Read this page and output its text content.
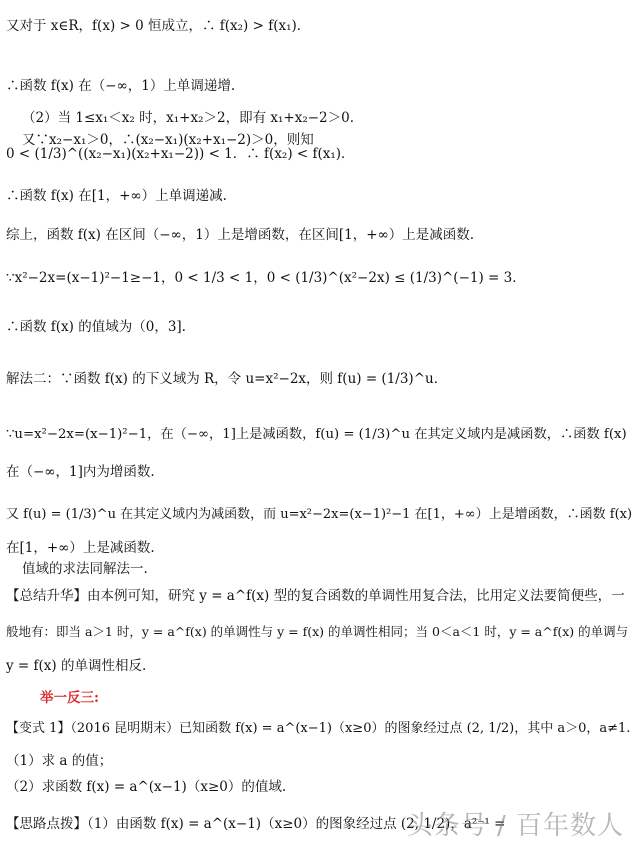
又对于 x∈R，f(x) > 0 恒成立，∴ f(x₂) > f(x₁)．
∴函数 f(x) 在（−∞，1）上单调递增.
（2）当 1≤x₁＜x₂ 时，x₁+x₂＞2，即有 x₁+x₂−2＞0.
又∵x₂−x₁＞0，∴(x₂−x₁)(x₂+x₁−2)＞0，则知
0 < (1/3)^((x₂−x₁)(x₂+x₁−2)) < 1．∴ f(x₂) < f(x₁)．
∴函数 f(x) 在[1，+∞）上单调递减.
综上，函数 f(x) 在区间（−∞，1）上是增函数，在区间[1，+∞）上是减函数.
∵x²−2x=(x−1)²−1≥−1，0 < 1/3 < 1，0 < (1/3)^(x²−2x) ≤ (1/3)^(−1) = 3．
∴函数 f(x) 的值域为（0，3].
解法二：∵函数 f(x) 的下义域为 R，令 u=x²−2x，则 f(u) = (1/3)^u．
∵u=x²−2x=(x−1)²−1，在（−∞，1]上是减函数，f(u) = (1/3)^u 在其定义域内是减函数，∴函数 f(x)
在（−∞，1]内为增函数.
又 f(u) = (1/3)^u 在其定义域内为减函数，而 u=x²−2x=(x−1)²−1 在[1，+∞）上是增函数，∴函数 f(x)
在[1，+∞）上是减函数.
值域的求法同解法一.
【总结升华】由本例可知，研究 y = a^f(x) 型的复合函数的单调性用复合法，比用定义法要简便些，一
般地有：即当 a＞1 时，y = a^f(x) 的单调性与 y = f(x) 的单调性相同；当 0＜a＜1 时，y = a^f(x) 的单调与
y = f(x) 的单调性相反.
举一反三:
【变式 1】（2016 昆明期末）已知函数 f(x) = a^(x−1)（x≥0）的图象经过点 (2, 1/2)，其中 a＞0，a≠1.
（1）求 a 的值；
（2）求函数 f(x) = a^(x−1)（x≥0）的值域.
【思路点拨】（1）由函数 f(x) = a^(x−1)（x≥0）的图象经过点 (2, 1/2)，a²⁻¹ =
头条号 / 百年数人
